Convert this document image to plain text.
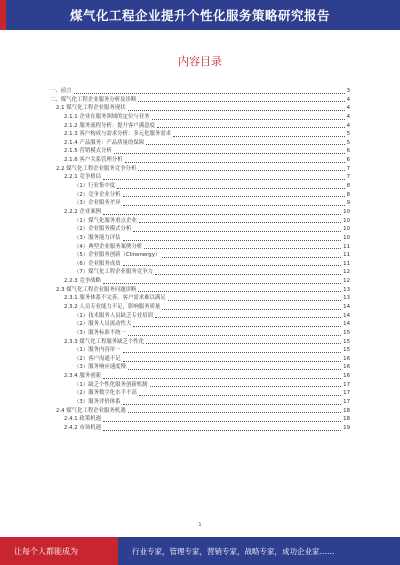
煤气化工程企业提升个性化服务策略研究报告
内容目录
一、前言	3
二、煤气化工程企业服务分析及诊断	4
2.1 煤气化工程企业服务现状	4
2.1.1 企业在服务领域的定位与业务	4
2.1.2 服务流程分析：提升客户满意度	4
2.1.3 客户构成与需求分析：多元化服务需求	5
2.1.4 产品服务：产品质量的保障	5
2.1.5 营销模式分析	6
2.1.6 客户关系管理分析	6
2.2 煤气化工程企业服务竞争分析	7
2.2.1 竞争格局	7
（1）行业集中度	8
（2）竞争企业分析	8
（3）企业服务差异	9
2.2.2 企业案例	10
（1）煤气化服务重点企业	10
（2）企业服务模式分析	10
（3）服务能力评估	10
（4）典型企业服务案例分析	11
（5）企业服务创新（Clinenergy）	11
（6）企业服务成效	11
（7）煤气化工程企业服务竞争力	12
2.2.3 竞争战略	12
2.3 煤气化工程企业服务问题诊断	13
2.3.1 服务体系不完善，客户需求难以满足	13
2.3.2 人员专业能力不足，影响服务质量	14
（1）技术服务人员缺乏专业培训	14
（2）服务人员流动性大	14
（3）服务标准不统一	15
2.3.3 煤气化工程服务缺乏个性化	15
（1）服务内容单一	15
（2）客户沟通不足	16
（3）服务响应速度慢	16
2.3.4 服务创新	16
（1）缺乏个性化服务创新机制	17
（2）服务数字化水平不高	17
（3）服务评价体系	17
2.4 煤气化工程企业服务机遇	18
2.4.1 政策机遇	18
2.4.2 市场机遇	19
1
让每个人都能成为	行业专家，管理专家，营销专家，战略专家，成功企业家……
